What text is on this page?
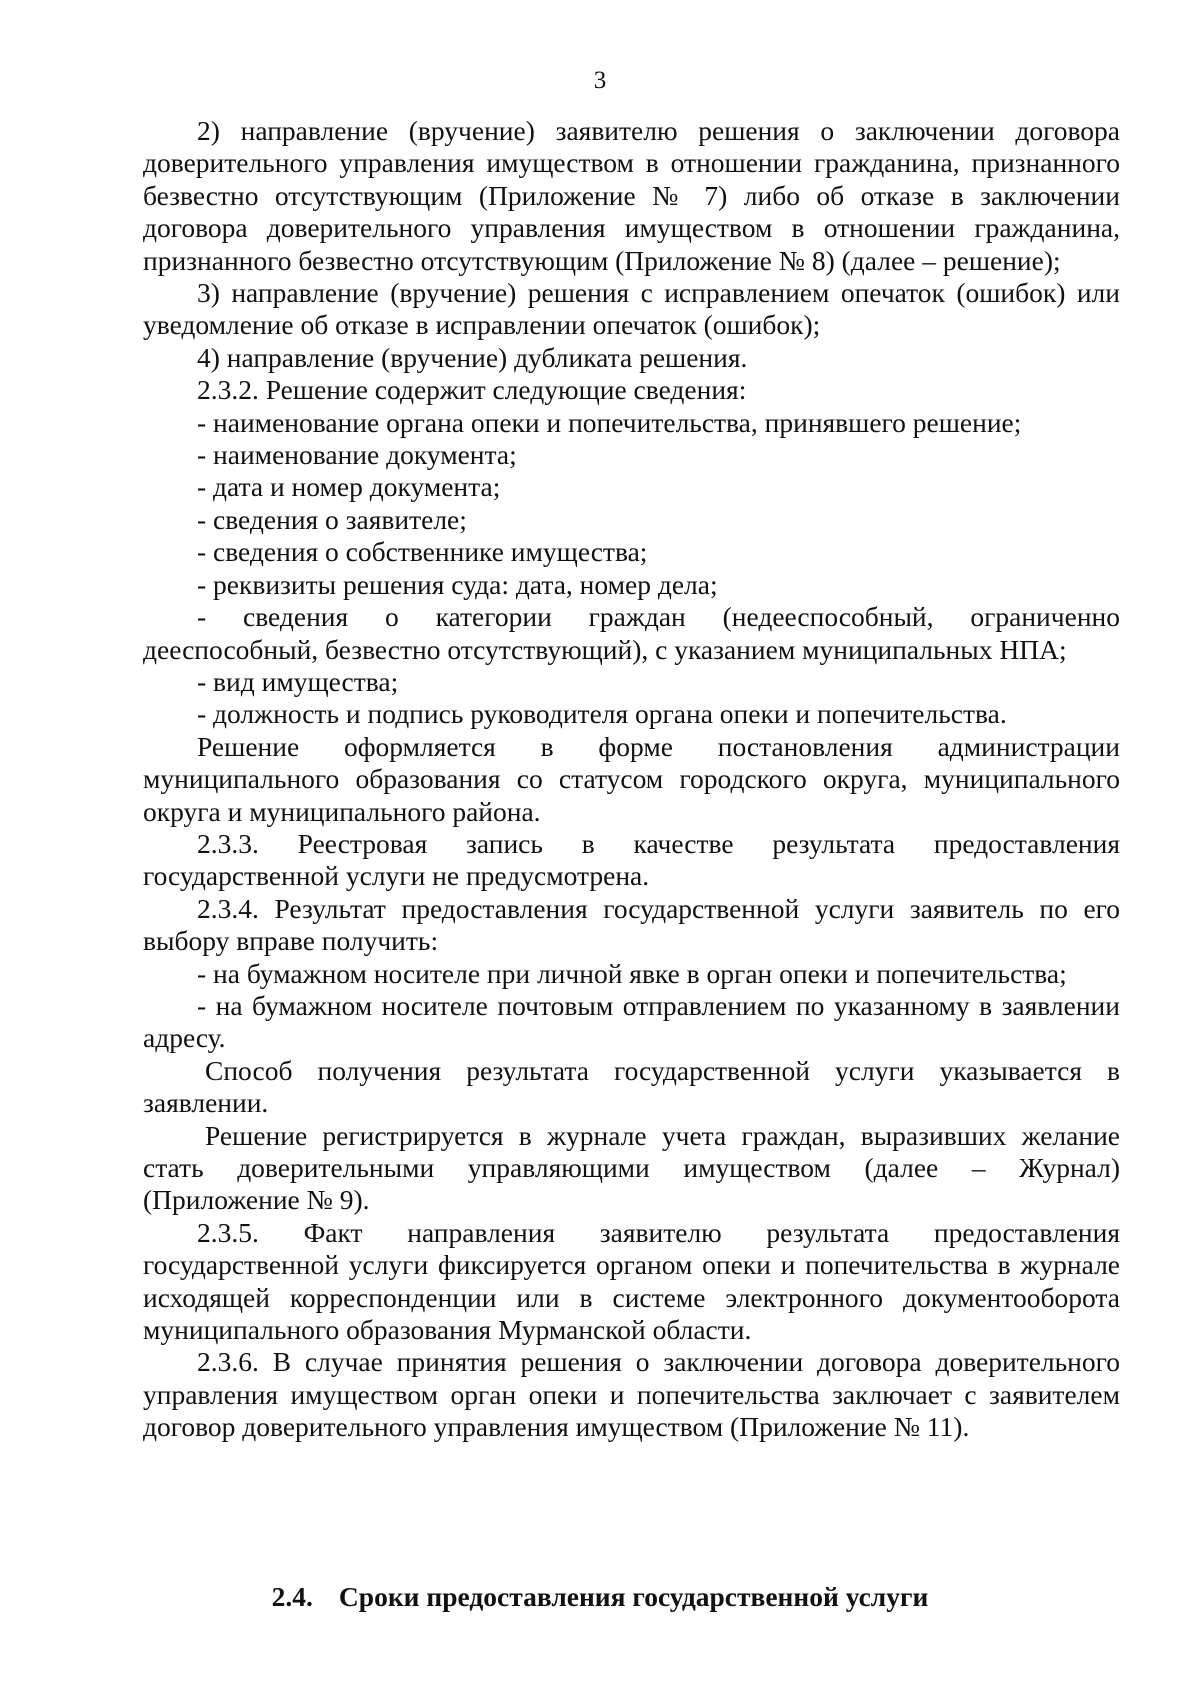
3

2) направление (вручение) заявителю решения о заключении договора доверительного управления имуществом в отношении гражданина, признанного безвестно отсутствующим (Приложение № 7) либо об отказе в заключении договора доверительного управления имуществом в отношении гражданина, признанного безвестно отсутствующим (Приложение № 8) (далее – решение);

3) направление (вручение) решения с исправлением опечаток (ошибок) или уведомление об отказе в исправлении опечаток (ошибок);

4) направление (вручение) дубликата решения.

2.3.2. Решение содержит следующие сведения:

- наименование органа опеки и попечительства, принявшего решение;

- наименование документа;

- дата и номер документа;

- сведения о заявителе;

- сведения о собственнике имущества;

- реквизиты решения суда: дата, номер дела;

- сведения о категории граждан (недееспособный, ограниченно дееспособный, безвестно отсутствующий), с указанием муниципальных НПА;

- вид имущества;

- должность и подпись руководителя органа опеки и попечительства.

Решение оформляется в форме постановления администрации муниципального образования со статусом городского округа, муниципального округа и муниципального района.

2.3.3. Реестровая запись в качестве результата предоставления государственной услуги не предусмотрена.

2.3.4. Результат предоставления государственной услуги заявитель по его выбору вправе получить:

- на бумажном носителе при личной явке в орган опеки и попечительства;

- на бумажном носителе почтовым отправлением по указанному в заявлении адресу.

Способ получения результата государственной услуги указывается в заявлении.

Решение регистрируется в журнале учета граждан, выразивших желание стать доверительными управляющими имуществом (далее – Журнал) (Приложение № 9).

2.3.5. Факт направления заявителю результата предоставления государственной услуги фиксируется органом опеки и попечительства в журнале исходящей корреспонденции или в системе электронного документооборота муниципального образования Мурманской области.

2.3.6. В случае принятия решения о заключении договора доверительного управления имуществом орган опеки и попечительства заключает с заявителем договор доверительного управления имуществом (Приложение № 11).

2.4. Сроки предоставления государственной услуги
